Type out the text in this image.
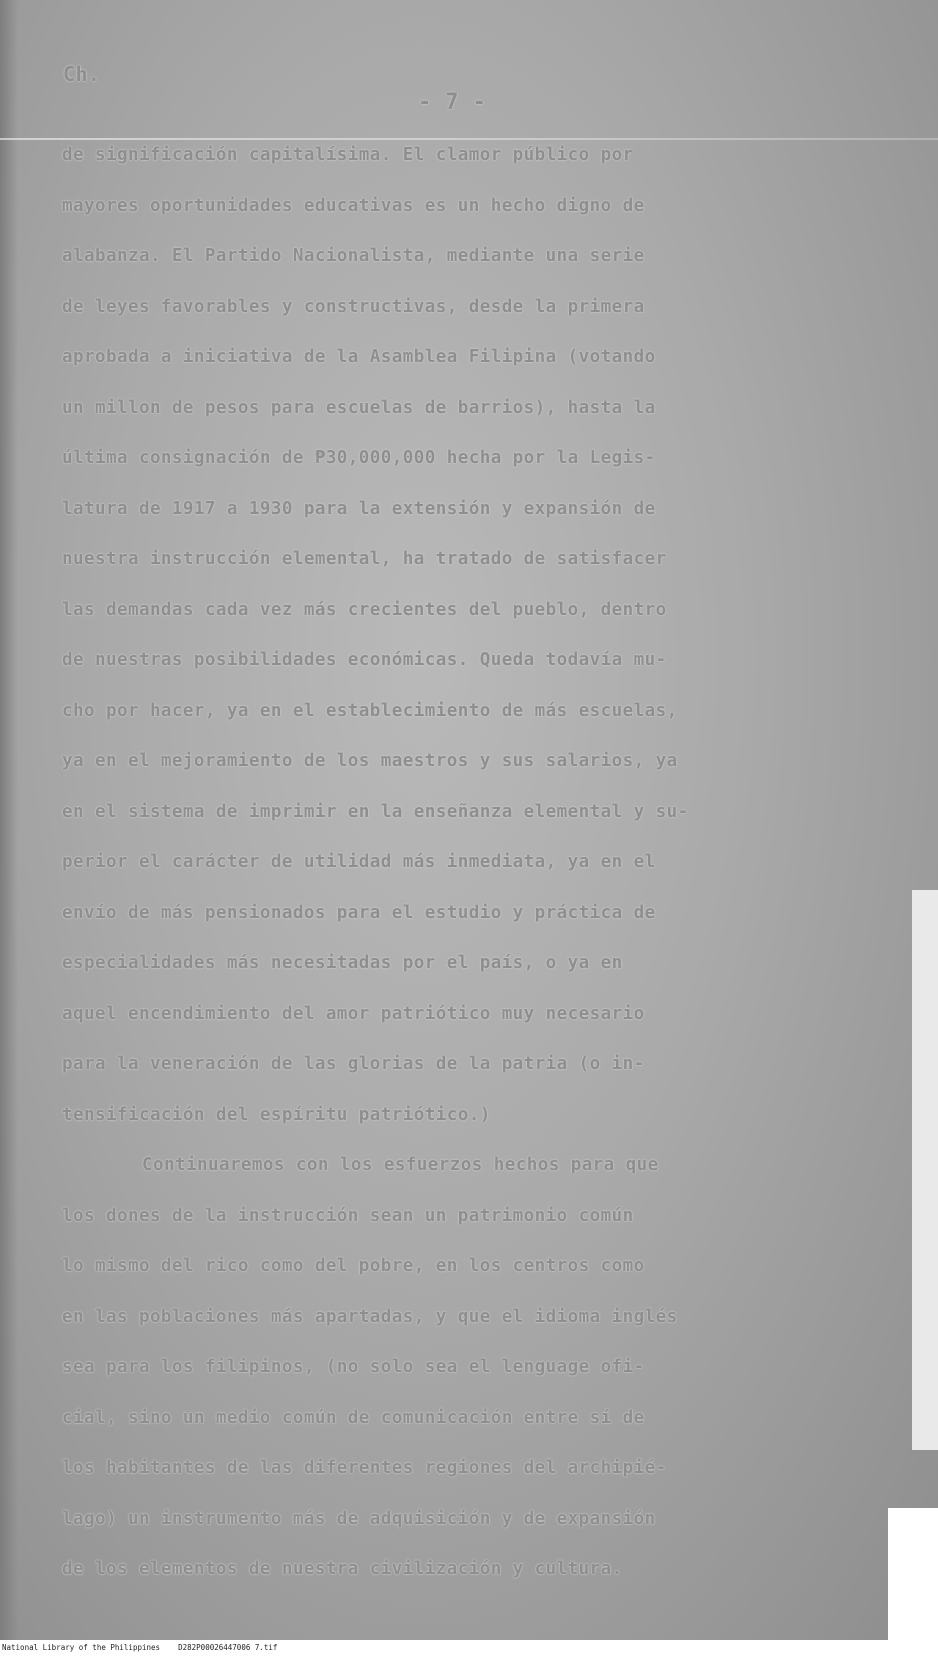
Ch.

- 7 -

de significación capitalísima. El clamor público por
mayores oportunidades educativas es un hecho digno de
alabanza. El Partido Nacionalista, mediante una serie
de leyes favorables y constructivas, desde la primera
aprobada a iniciativa de la Asamblea Filipina (votando
un millon de pesos para escuelas de barrios), hasta la
última consignación de ₱30,000,000 hecha por la Legis-
latura de 1917 a 1930 para la extensión y expansión de
nuestra instrucción elemental, ha tratado de satisfacer
las demandas cada vez más crecientes del pueblo, dentro
de nuestras posibilidades económicas. Queda todavía mu-
cho por hacer, ya en el establecimiento de más escuelas,
ya en el mejoramiento de los maestros y sus salarios, ya
en el sistema de imprimir en la enseñanza elemental y su-
perior el carácter de utilidad más inmediata, ya en el
envío de más pensionados para el estudio y práctica de
especialidades más necesitadas por el país, o ya en
aquel encendimiento del amor patriótico muy necesario
para la veneración de las glorias de la patria (o in-
tensificación del espíritu patriótico.)
Continuaremos con los esfuerzos hechos para que
los dones de la instrucción sean un patrimonio común
lo mismo del rico como del pobre, en los centros como
en las poblaciones más apartadas, y que el idioma inglés
sea para los filipinos, (no solo sea el lenguage ofi-
cial, sino un medio común de comunicación entre sí de
los habitantes de las diferentes regiones del archipié-
lago) un instrumento más de adquisición y de expansión
de los elementos de nuestra civilización y cultura.
National Library of the Philippines    D282P00026447006 7.tif
